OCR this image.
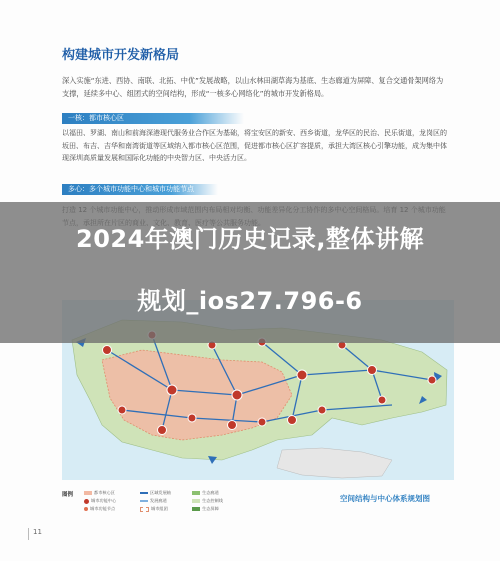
构建城市开发新格局
深入实施“东进、西协、南联、北拓、中优”发展战略，以山水林田湖草海为基底、生态廊道为屏障、复合交通骨架网络为支撑，延续多中心、组团式的空间结构，形成“一核多心网络化”的城市开发新格局。
一核：都市核心区
以福田、罗湖、南山和前海深港现代服务业合作区为基础，将宝安区的新安、西乡街道，龙华区的民治、民乐街道，龙岗区的坂田、布吉、吉华和南湾街道等区域纳入都市核心区范围，促进都市核心区扩容提质，承担大湾区核心引擎功能，成为集中体现深圳高质量发展和国际化功能的中央智力区、中央活力区。
多心：多个城市功能中心和城市功能节点
图例	都市核心区
城市功能中心
城市功能节点
区域发展轴
发展廊道
城市组团
生态廊道
生态控制线
生态屏障
空间结构与中心体系规划图
11
2024年澳门历史记录,整体讲解
规划_ios27.796-6
